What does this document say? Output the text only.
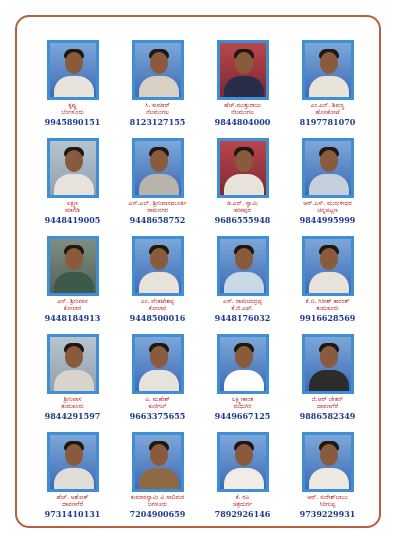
ಕೃಷ್ಣ
ಬೆಂಗಳೂರು
9945890151
ಸಿ. ಕುಮಾರ್
ನೆಲಮಂಗಲ
8123127155
ಹೆಚ್.ಮುತ್ತುರಾಜು
ನೆಲಮಂಗಲ
9844804000
ಎಂ.ಎನ್. ಶಿವಣ್ಣ
ಹೊಸಕೋಟೆ
8197781070
ಲಕ್ಷ್ಮಣ
ಮಾಗಡಿ
9448419005
ಎಸ್.ಎಲ್. ಶ್ರೀನಿವಾಸಮೂರ್ತಿ
ರಾಮನಗರ
9448658752
ಡಿ.ಎನ್. ಸ್ವಾಮಿ
ಕನಕಪುರ
9686555948
ಆರ್.ಎಸ್. ಮುರುಳೀಧರ
ಚನ್ನಪಟ್ಟಣ
9844995999
ಎಸ್. ಶ್ರೀನಿವಾಸ
ಕೋಲಾರ
9448184913
ಎಂ. ವೆಂಕಟೇಶಪ್ಪ
ಕೋಲಾರ
9448500016
ಎಸ್. ರಾಮಚಂದ್ರಪ್ಪ
ಕೆ.ಜಿ.ಎಫ್.
9448176032
ಕೆ.ಬಿ. ಗಿರೀಶ್ ಕಾರಂತ್
ತುಮಕೂರು
9916628569
ಶ್ರೀನಿವಾಸ
ತುಮಕೂರು
9844291597
ವಿ. ಮಹೇಶ್
ಕುಣಿಗಲ್
9663375655
ಲಕ್ಷ್ಮೀಕಾಂತ
ಮಧುಗಿರಿ
9449667125
ಜಿ.ಆರ್ ಚೇತನ್
ದಾವಣಗೆರೆ
9886582349
ಹೆಚ್. ಅಶೋಕ್
ದಾವಣಗೆರೆ
9731410131
ಕುಮಾರಸ್ವಾಮಿ ವಿ ಸಾಲಿಮಠ
ಜಗಳೂರು
7204900659
ಕೆ. ರವಿ
ಚಿತ್ರದುರ್ಗ
7892926146
ಆರ್. ಸುರೇಶ್‌ಬಾಬು
ಸಿರಿಗುಪ್ಪ
9739229931
